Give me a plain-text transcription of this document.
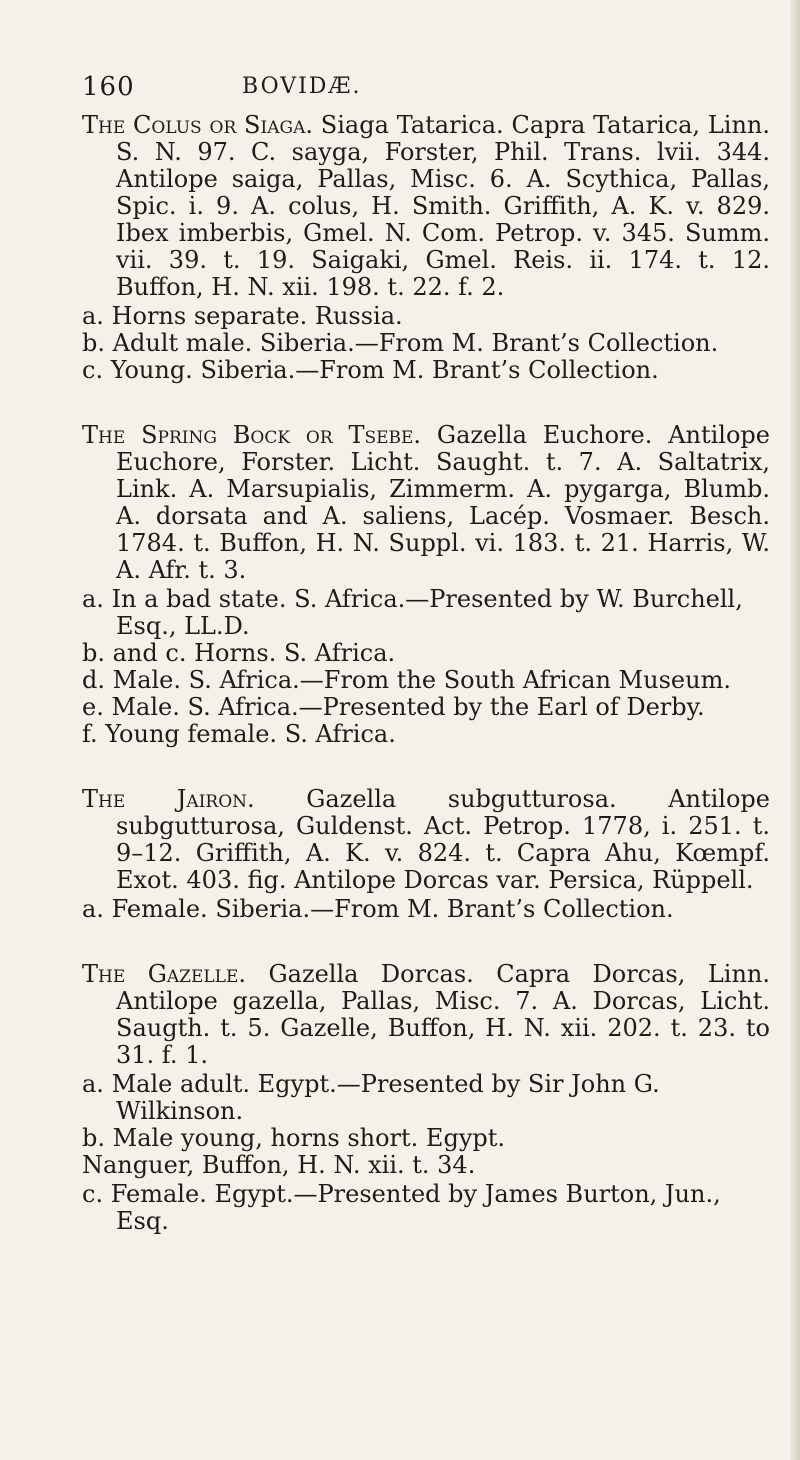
160	BOVIDÆ.

The Colus or Siaga. Siaga Tatarica. Capra Tatarica, Linn. S. N. 97. C. sayga, Forster, Phil. Trans. lvii. 344. Antilope saiga, Pallas, Misc. 6. A. Scythica, Pallas, Spic. i. 9. A. colus, H. Smith. Griffith, A. K. v. 829. Ibex imberbis, Gmel. N. Com. Petrop. v. 345. Summ. vii. 39. t. 19. Saigaki, Gmel. Reis. ii. 174. t. 12. Buffon, H. N. xii. 198. t. 22. f. 2.

a. Horns separate. Russia.
b. Adult male. Siberia.—From M. Brant’s Collection.
c. Young. Siberia.—From M. Brant’s Collection.

The Spring Bock or Tsebe. Gazella Euchore. Antilope Euchore, Forster. Licht. Saught. t. 7. A. Saltatrix, Link. A. Marsupialis, Zimmerm. A. pygarga, Blumb. A. dorsata and A. saliens, Lacép. Vosmaer. Besch. 1784. t. Buffon, H. N. Suppl. vi. 183. t. 21. Harris, W. A. Afr. t. 3.

a. In a bad state. S. Africa.—Presented by W. Burchell, Esq., LL.D.
b. and c. Horns. S. Africa.
d. Male. S. Africa.—From the South African Museum.
e. Male. S. Africa.—Presented by the Earl of Derby.
f. Young female. S. Africa.

The Jairon. Gazella subgutturosa. Antilope subgutturosa, Guldenst. Act. Petrop. 1778, i. 251. t. 9–12. Griffith, A. K. v. 824. t. Capra Ahu, Kœmpf. Exot. 403. fig. Antilope Dorcas var. Persica, Rüppell.

a. Female. Siberia.—From M. Brant’s Collection.

The Gazelle. Gazella Dorcas. Capra Dorcas, Linn. Antilope gazella, Pallas, Misc. 7. A. Dorcas, Licht. Saugth. t. 5. Gazelle, Buffon, H. N. xii. 202. t. 23. to 31. f. 1.

a. Male adult. Egypt.—Presented by Sir John G. Wilkinson.
b. Male young, horns short. Egypt.

Nanguer, Buffon, H. N. xii. t. 34.

c. Female. Egypt.—Presented by James Burton, Jun., Esq.
